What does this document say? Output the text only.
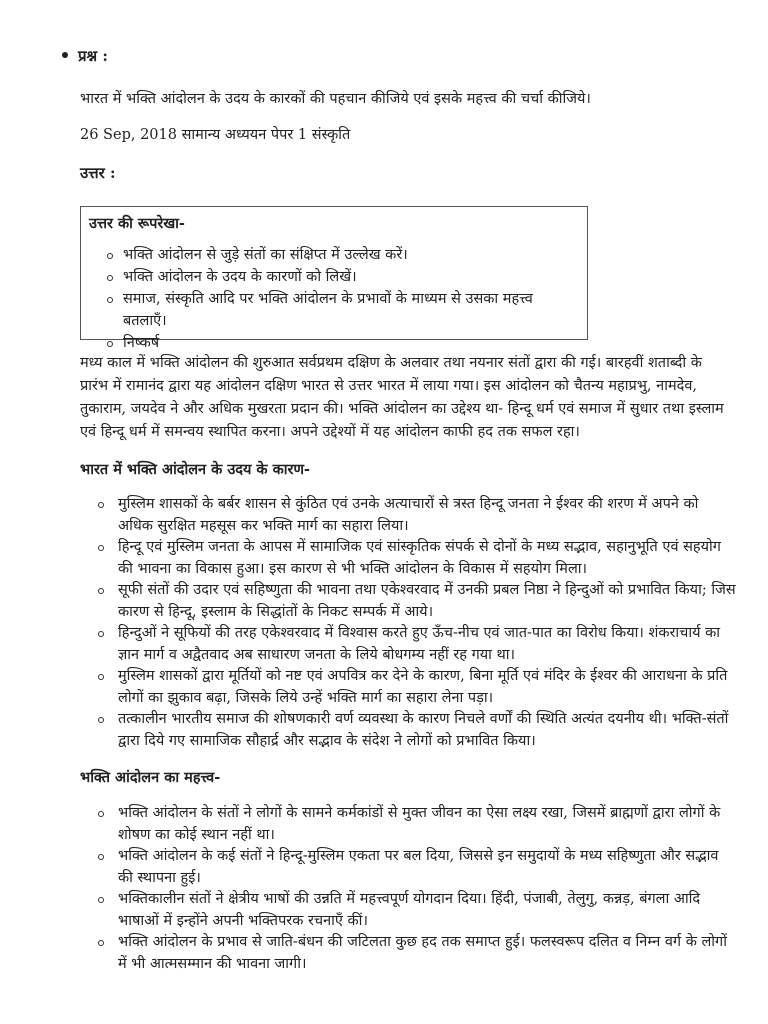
प्रश्न :
भारत में भक्ति आंदोलन के उदय के कारकों की पहचान कीजिये एवं इसके महत्त्व की चर्चा कीजिये।
26 Sep, 2018 सामान्य अध्ययन पेपर 1 संस्कृति
उत्तर :
उत्तर की रूपरेखा-
भक्ति आंदोलन से जुड़े संतों का संक्षिप्त में उल्लेख करें।
भक्ति आंदोलन के उदय के कारणों को लिखें।
समाज, संस्कृति आदि पर भक्ति आंदोलन के प्रभावों के माध्यम से उसका महत्त्व बतलाएँ।
निष्कर्ष
मध्य काल में भक्ति आंदोलन की शुरुआत सर्वप्रथम दक्षिण के अलवार तथा नयनार संतों द्वारा की गई। बारहवीं शताब्दी के प्रारंभ में रामानंद द्वारा यह आंदोलन दक्षिण भारत से उत्तर भारत में लाया गया। इस आंदोलन को चैतन्य महाप्रभु, नामदेव, तुकाराम, जयदेव ने और अधिक मुखरता प्रदान की। भक्ति आंदोलन का उद्देश्य था- हिन्दू धर्म एवं समाज में सुधार तथा इस्लाम एवं हिन्दू धर्म में समन्वय स्थापित करना। अपने उद्देश्यों में यह आंदोलन काफी हद तक सफल रहा।
भारत में भक्ति आंदोलन के उदय के कारण-
मुस्लिम शासकों के बर्बर शासन से कुंठित एवं उनके अत्याचारों से त्रस्त हिन्दू जनता ने ईश्वर की शरण में अपने को अधिक सुरक्षित महसूस कर भक्ति मार्ग का सहारा लिया।
हिन्दू एवं मुस्लिम जनता के आपस में सामाजिक एवं सांस्कृतिक संपर्क से दोनों के मध्य सद्भाव, सहानुभूति एवं सहयोग की भावना का विकास हुआ। इस कारण से भी भक्ति आंदोलन के विकास में सहयोग मिला।
सूफी संतों की उदार एवं सहिष्णुता की भावना तथा एकेश्वरवाद में उनकी प्रबल निष्ठा ने हिन्दुओं को प्रभावित किया; जिस कारण से हिन्दू, इस्लाम के सिद्धांतों के निकट सम्पर्क में आये।
हिन्दुओं ने सूफियों की तरह एकेश्वरवाद में विश्वास करते हुए ऊँच-नीच एवं जात-पात का विरोध किया। शंकराचार्य का ज्ञान मार्ग व अद्वैतवाद अब साधारण जनता के लिये बोधगम्य नहीं रह गया था।
मुस्लिम शासकों द्वारा मूर्तियों को नष्ट एवं अपवित्र कर देने के कारण, बिना मूर्ति एवं मंदिर के ईश्वर की आराधना के प्रति लोगों का झुकाव बढ़ा, जिसके लिये उन्हें भक्ति मार्ग का सहारा लेना पड़ा।
तत्कालीन भारतीय समाज की शोषणकारी वर्ण व्यवस्था के कारण निचले वर्णों की स्थिति अत्यंत दयनीय थी। भक्ति-संतों द्वारा दिये गए सामाजिक सौहार्द्र और सद्भाव के संदेश ने लोगों को प्रभावित किया।
भक्ति आंदोलन का महत्त्व-
भक्ति आंदोलन के संतों ने लोगों के सामने कर्मकांडों से मुक्त जीवन का ऐसा लक्ष्य रखा, जिसमें ब्राह्मणों द्वारा लोगों के शोषण का कोई स्थान नहीं था।
भक्ति आंदोलन के कई संतों ने हिन्दू-मुस्लिम एकता पर बल दिया, जिससे इन समुदायों के मध्य सहिष्णुता और सद्भाव की स्थापना हुई।
भक्तिकालीन संतों ने क्षेत्रीय भाषों की उन्नति में महत्त्वपूर्ण योगदान दिया। हिंदी, पंजाबी, तेलुगु, कन्नड़, बंगला आदि भाषाओं में इन्होंने अपनी भक्तिपरक रचनाएँ कीं।
भक्ति आंदोलन के प्रभाव से जाति-बंधन की जटिलता कुछ हद तक समाप्त हुई। फलस्वरूप दलित व निम्न वर्ग के लोगों में भी आत्मसम्मान की भावना जागी।
